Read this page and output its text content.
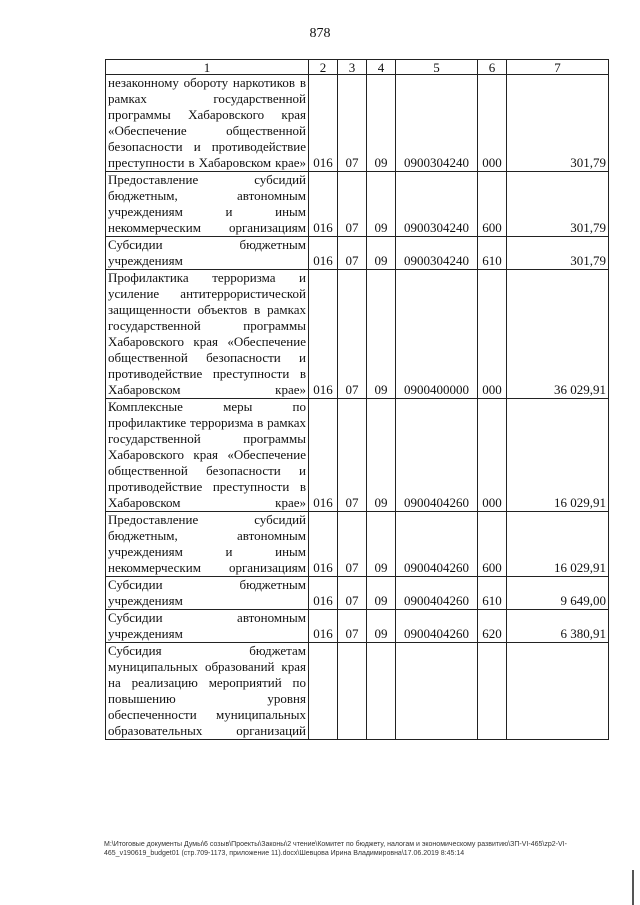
878
1	2	3	4	5	6	7

незаконному обороту наркотиков в рамках государственной программы Хабаровского края «Обеспечение общественной безопасности и противодействие преступности в Хабаровском крае»	016	07	09	0900304240	000	301,79

Предоставление субсидий бюджетным, автономным учреждениям и иным некоммерческим организациям	016	07	09	0900304240	600	301,79

Субсидии бюджетным учреждениям	016	07	09	0900304240	610	301,79

Профилактика терроризма и усиление антитеррористической защищенности объектов в рамках государственной программы Хабаровского края «Обеспечение общественной безопасности и противодействие преступности в Хабаровском крае»	016	07	09	0900400000	000	36 029,91

Комплексные меры по профилактике терроризма в рамках государственной программы Хабаровского края «Обеспечение общественной безопасности и противодействие преступности в Хабаровском крае»	016	07	09	0900404260	000	16 029,91

Предоставление субсидий бюджетным, автономным учреждениям и иным некоммерческим организациям	016	07	09	0900404260	600	16 029,91

Субсидии бюджетным учреждениям	016	07	09	0900404260	610	9 649,00

Субсидии автономным учреждениям	016	07	09	0900404260	620	6 380,91

Субсидия бюджетам муниципальных образований края на реализацию мероприятий по повышению уровня обеспеченности муниципальных образовательных организаций						

M:\Итоговые документы Думы\6 созыв\Проекты\Законы\2 чтение\Комитет по бюджету, налогам и экономическому развитию\ЗП-VI-465\zp2-VI-
465_v190619_budget01 (стр.709-1173, приложение 11).docx\Шевцова Ирина Владимировна\17.06.2019 8:45:14
